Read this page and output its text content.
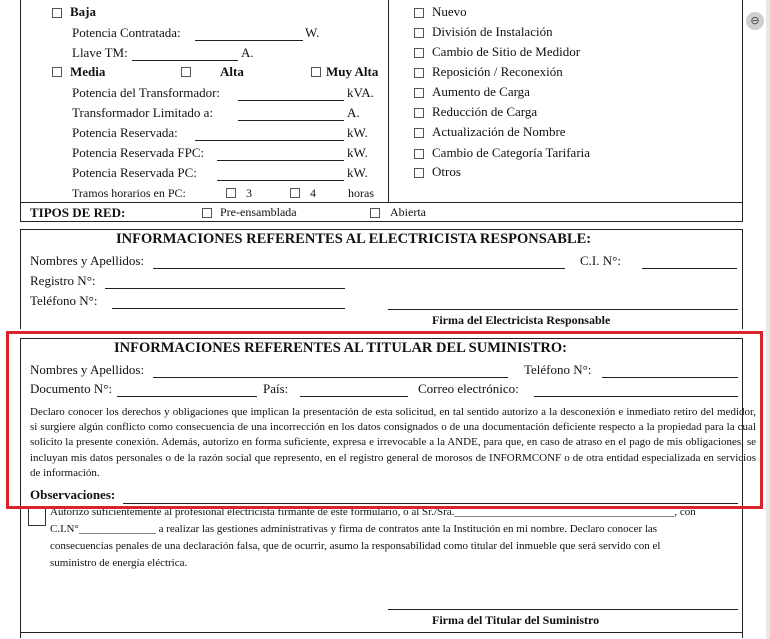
Baja
Potencia Contratada:	W.
Llave TM:	A.
Media	Alta	Muy Alta
Potencia del Transformador:	kVA.
Transformador Limitado a:	A.
Potencia Reservada:	kW.
Potencia Reservada FPC:	kW.
Potencia Reservada PC:	kW.
Tramos horarios en PC:	3	4	horas
Nuevo
División de Instalación
Cambio de Sitio de Medidor
Reposición / Reconexión
Aumento de Carga
Reducción de Carga
Actualización de Nombre
Cambio de Categoría Tarifaria
Otros
TIPOS DE RED:	Pre-ensamblada	Abierta
INFORMACIONES REFERENTES AL ELECTRICISTA RESPONSABLE:
Nombres y Apellidos:	C.I. N°:
Registro N°:
Teléfono N°:
Firma del Electricista Responsable
INFORMACIONES REFERENTES AL TITULAR DEL SUMINISTRO:
Nombres y Apellidos:	Teléfono N°:
Documento N°:	País:	Correo electrónico:
Declaro conocer los derechos y obligaciones que implican la presentación de esta solicitud, en tal sentido autorizo a la desconexión e inmediato retiro del medidor, si surgiere algún conflicto como consecuencia de una incorrección en los datos consignados o de una documentación deficiente respecto a la propiedad para la cual solicito la presente conexión. Además, autorizo en forma suficiente, expresa e irrevocable a la ANDE, para que, en caso de atraso en el pago de mis obligaciones, se incluyan mis datos personales o de la razón social que represento, en el registro general de morosos de INFORMCONF o de otra entidad especializada en servicios de información.
Observaciones:
Autorizo suficientemente al profesional electricista firmante de este formulario, o al Sr./Sra.________________________________________, con
C.I.N°______________ a realizar las gestiones administrativas y firma de contratos ante la Institución en mi nombre. Declaro conocer las
consecuencias penales de una declaración falsa, que de ocurrir, asumo la responsabilidad como titular del inmueble que será servido con el
suministro de energía eléctrica.
Firma del Titular del Suministro
⊖
